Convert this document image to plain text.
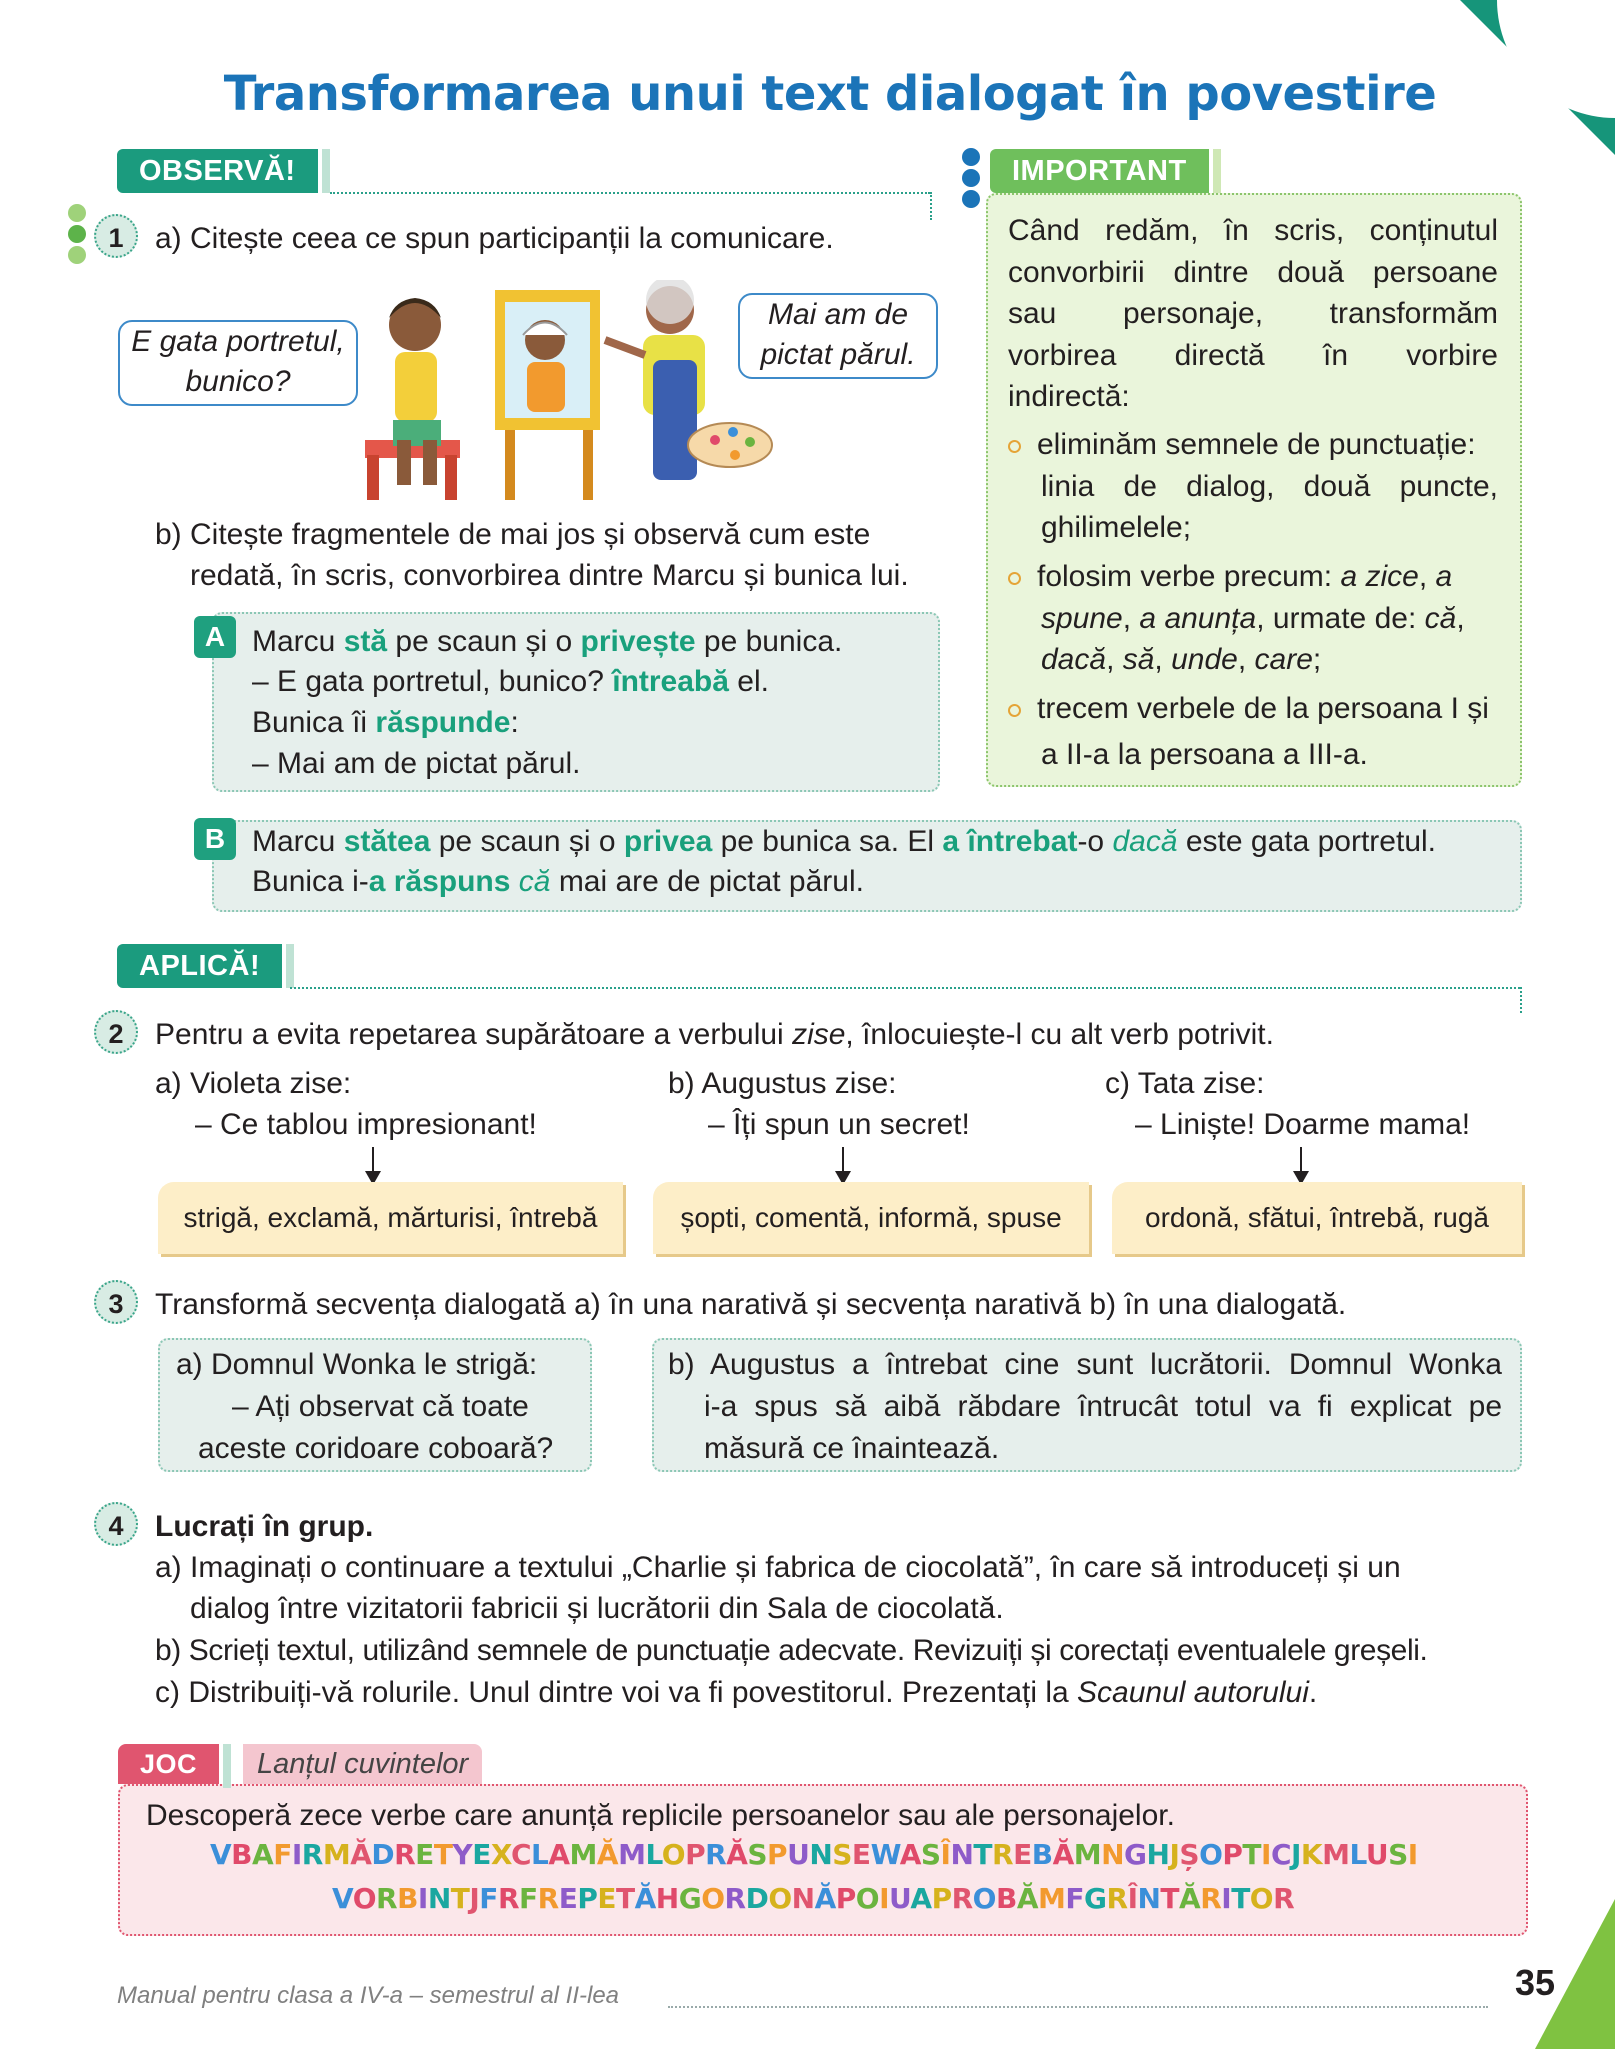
Transformarea unui text dialogat în povestire
OBSERVĂ!
1	a) Citește ceea ce spun participanții la comunicare.
E gata portretul,
bunico?
Mai am de
pictat părul.
b) Citește fragmentele de mai jos și observă cum este
redată, în scris, convorbirea dintre Marcu și bunica lui.
A Marcu stă pe scaun și o privește pe bunica.
– E gata portretul, bunico? întreabă el.
Bunica îi răspunde:
– Mai am de pictat părul.
IMPORTANT
Când redăm, în scris, conținutul
convorbirii dintre două persoane
sau personaje, transformăm
vorbirea directă în vorbire
indirectă:
eliminăm semnele de punctuație:
linia de dialog, două puncte,
ghilimelele;
folosim verbe precum: a zice, a
spune, a anunța, urmate de: că,
dacă, să, unde, care;
trecem verbele de la persoana I și
a II-a la persoana a III-a.
B Marcu stătea pe scaun și o privea pe bunica sa. El a întrebat-o dacă este gata portretul.
Bunica i-a răspuns că mai are de pictat părul.
APLICĂ!
2	Pentru a evita repetarea supărătoare a verbului zise, înlocuiește-l cu alt verb potrivit.
a) Violeta zise:
– Ce tablou impresionant!
b) Augustus zise:
– Îți spun un secret!
c) Tata zise:
– Liniște! Doarme mama!
strigă, exclamă, mărturisi, întrebă	șopti, comentă, informă, spuse	ordonă, sfătui, întrebă, rugă
3	Transformă secvența dialogată a) în una narativă și secvența narativă b) în una dialogată.
a) Domnul Wonka le strigă:
– Ați observat că toate
aceste coridoare coboară?
b) Augustus a întrebat cine sunt lucrătorii. Domnul Wonka
i-a spus să aibă răbdare întrucât totul va fi explicat pe
măsură ce înaintează.
4	Lucrați în grup.
a) Imaginați o continuare a textului „Charlie și fabrica de ciocolată”, în care să introduceți și un
dialog între vizitatorii fabricii și lucrătorii din Sala de ciocolată.
b) Scrieți textul, utilizând semnele de punctuație adecvate. Revizuiți și corectați eventualele greșeli.
c) Distribuiți-vă rolurile. Unul dintre voi va fi povestitorul. Prezentați la Scaunul autorului.
JOC	Lanțul cuvintelor
Descoperă zece verbe care anunță replicile persoanelor sau ale personajelor.
VBAFIRMĂDRETYEXCLAMĂMLOPRĂSPUNSEWASÎNTREBĂMNGHJȘOPTICJKMLUSI
VORBINTJFRFREPETĂHGORDONĂPOIUAPROBĂMFGRÎNTĂRITOR
Manual pentru clasa a IV-a – semestrul al II-lea	35
